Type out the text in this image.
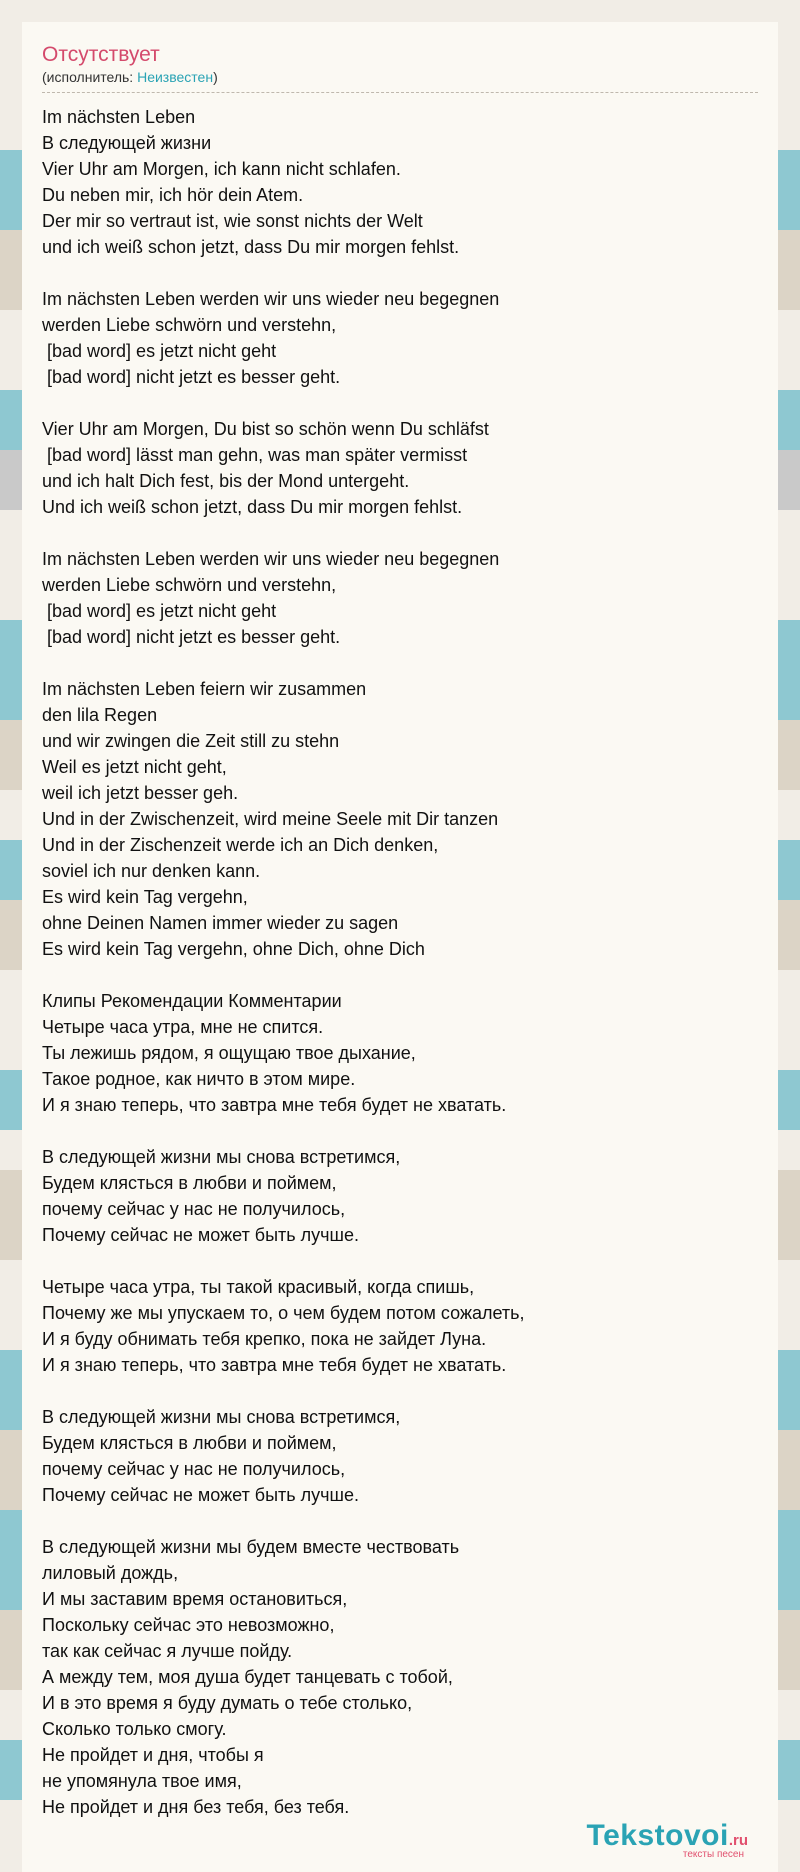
Отсутствует
(исполнитель: Неизвестен)
Im nächsten Leben
В следующей жизни
Vier Uhr am Morgen, ich kann nicht schlafen.
Du neben mir, ich hör dein Atem.
Der mir so vertraut ist, wie sonst nichts der Welt
und ich weiß schon jetzt, dass Du mir morgen fehlst.
Im nächsten Leben werden wir uns wieder neu begegnen
werden Liebe schwörn und verstehn,
[bad word] es jetzt nicht geht
[bad word] nicht jetzt es besser geht.
Vier Uhr am Morgen, Du bist so schön wenn Du schläfst
[bad word] lässt man gehn, was man später vermisst
und ich halt Dich fest, bis der Mond untergeht.
Und ich weiß schon jetzt, dass Du mir morgen fehlst.
Im nächsten Leben werden wir uns wieder neu begegnen
werden Liebe schwörn und verstehn,
[bad word] es jetzt nicht geht
[bad word] nicht jetzt es besser geht.
Im nächsten Leben feiern wir zusammen
den lila Regen
und wir zwingen die Zeit still zu stehn
Weil es jetzt nicht geht,
weil ich jetzt besser geh.
Und in der Zwischenzeit, wird meine Seele mit Dir tanzen
Und in der Zischenzeit werde ich an Dich denken,
soviel ich nur denken kann.
Es wird kein Tag vergehn,
ohne Deinen Namen immer wieder zu sagen
Es wird kein Tag vergehn, ohne Dich, ohne Dich
Клипы Рекомендации Комментарии
Четыре часа утра, мне не спится.
Ты лежишь рядом, я ощущаю твое дыхание,
Такое родное, как ничто в этом мире.
И я знаю теперь, что завтра мне тебя будет не хватать.
В следующей жизни мы снова встретимся,
Будем клясться в любви и поймем,
почему сейчас у нас не получилось,
Почему сейчас не может быть лучше.
Четыре часа утра, ты такой красивый, когда спишь,
Почему же мы упускаем то, о чем будем потом сожалеть,
И я буду обнимать тебя крепко, пока не зайдет Луна.
И я знаю теперь, что завтра мне тебя будет не хватать.
В следующей жизни мы снова встретимся,
Будем клясться в любви и поймем,
почему сейчас у нас не получилось,
Почему сейчас не может быть лучше.
В следующей жизни мы будем вместе чествовать
лиловый дождь,
И мы заставим время остановиться,
Поскольку сейчас это невозможно,
так как сейчас я лучше пойду.
А между тем, моя душа будет танцевать с тобой,
И в это время я буду думать о тебе столько,
Сколько только смогу.
Не пройдет и дня, чтобы я
не упомянула твое имя,
Не пройдет и дня без тебя, без тебя.
Tekstovoi.ru
тексты песен
